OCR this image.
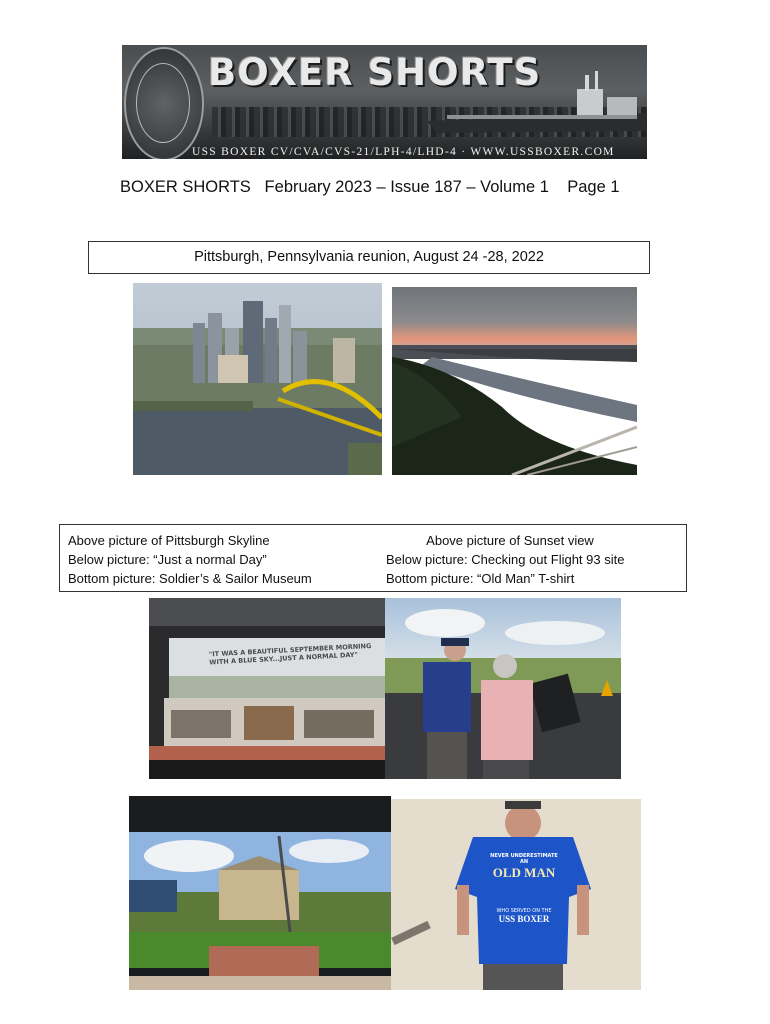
BOXER SHORTS
USS BOXER CV/CVA/CVS-21/LPH-4/LHD-4 · WWW.USSBOXER.COM
BOXER SHORTS   February 2023 – Issue 187 – Volume 1    Page 1
Pittsburgh, Pennsylvania reunion, August 24 -28, 2022
Above picture of Pittsburgh Skyline
Below picture: “Just a normal Day”
Bottom picture: Soldier’s & Sailor Museum
Above picture of Sunset view
Below picture: Checking out Flight 93 site
Bottom picture: “Old Man” T-shirt
"IT WAS A BEAUTIFUL SEPTEMBER MORNING WITH A BLUE SKY...JUST A NORMAL DAY"
NEVER UNDERESTIMATE AN
OLD MAN
WHO SERVED ON THE
USS BOXER
